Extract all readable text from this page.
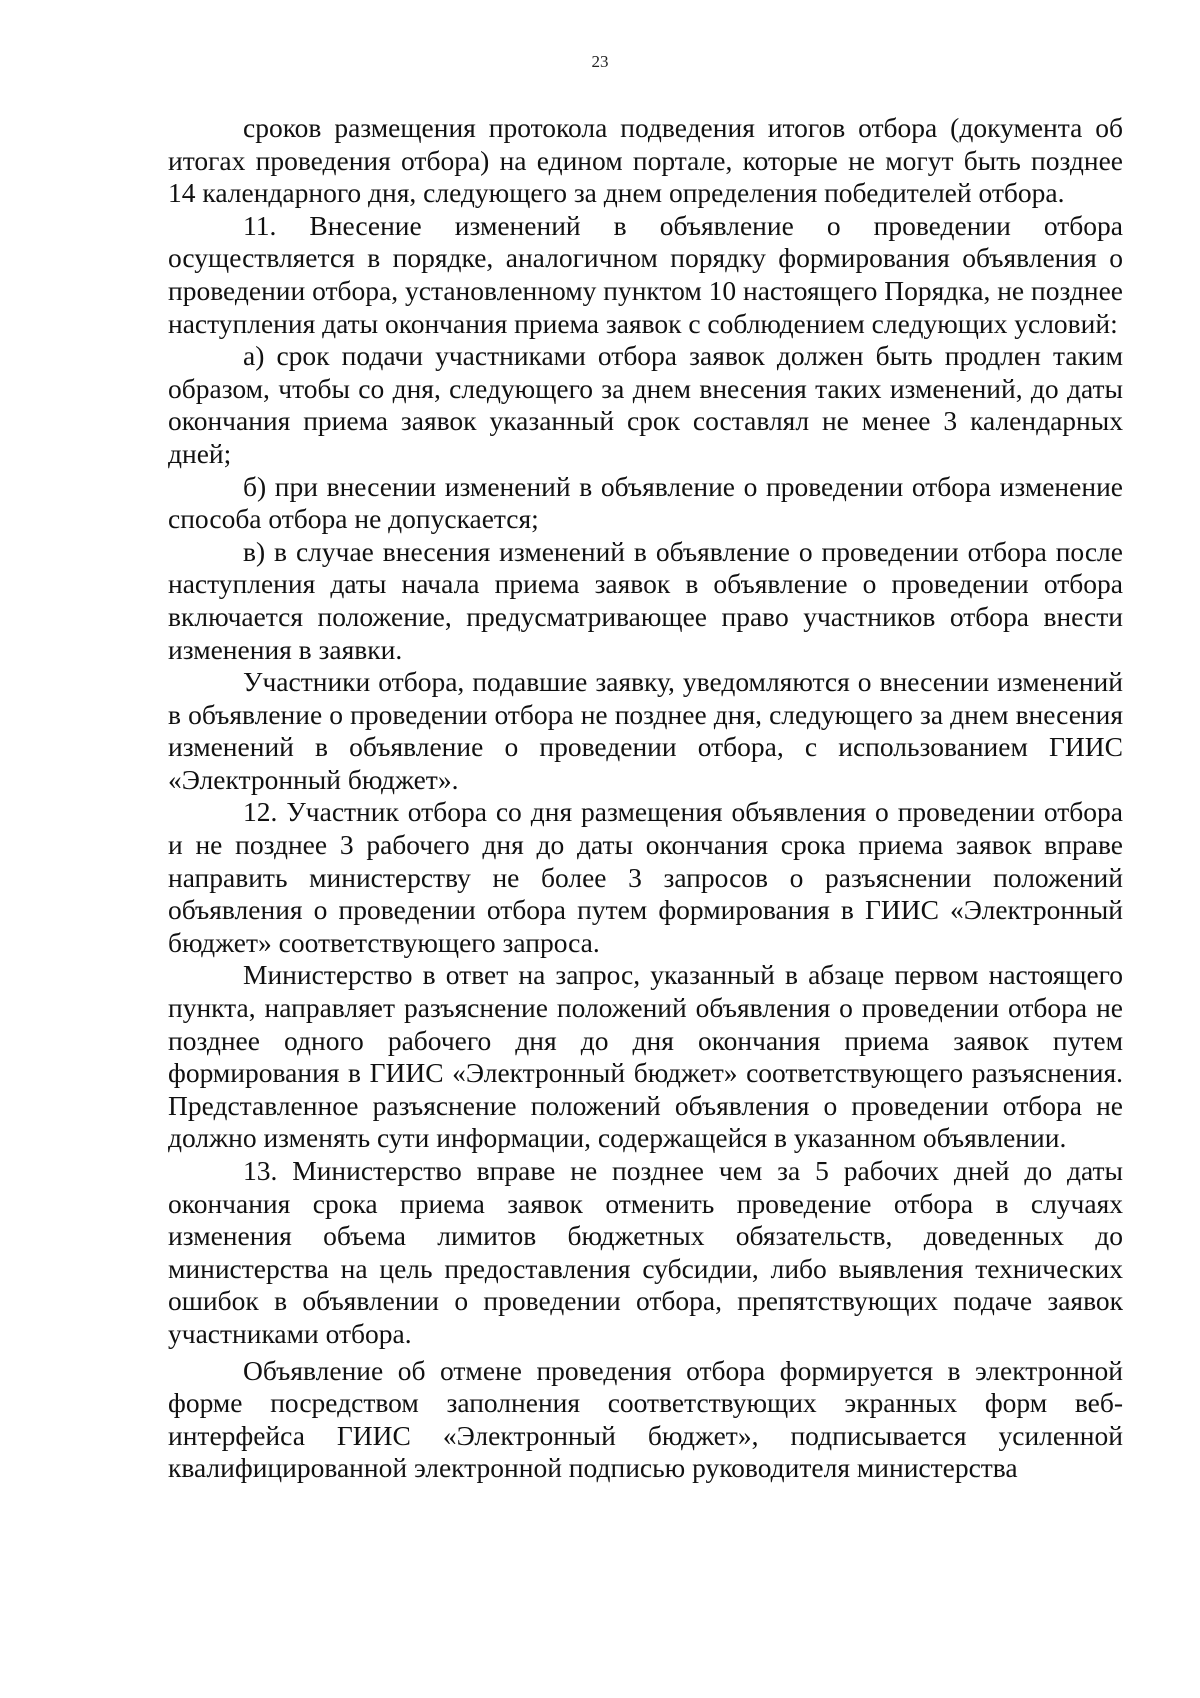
23

сроков размещения протокола подведения итогов отбора (документа об итогах проведения отбора) на едином портале, которые не могут быть позднее 14 календарного дня, следующего за днем определения победителей отбора.

11. Внесение изменений в объявление о проведении отбора осуществляется в порядке, аналогичном порядку формирования объявления о проведении отбора, установленному пунктом 10 настоящего Порядка, не позднее наступления даты окончания приема заявок с соблюдением следующих условий:

а) срок подачи участниками отбора заявок должен быть продлен таким образом, чтобы со дня, следующего за днем внесения таких изменений, до даты окончания приема заявок указанный срок составлял не менее 3 календарных дней;

б) при внесении изменений в объявление о проведении отбора изменение способа отбора не допускается;

в) в случае внесения изменений в объявление о проведении отбора после наступления даты начала приема заявок в объявление о проведении отбора включается положение, предусматривающее право участников отбора внести изменения в заявки.

Участники отбора, подавшие заявку, уведомляются о внесении изменений в объявление о проведении отбора не позднее дня, следующего за днем внесения изменений в объявление о проведении отбора, с использованием ГИИС «Электронный бюджет».

12. Участник отбора со дня размещения объявления о проведении отбора и не позднее 3 рабочего дня до даты окончания срока приема заявок вправе направить министерству не более 3 запросов о разъяснении положений объявления о проведении отбора путем формирования в ГИИС «Электронный бюджет» соответствующего запроса.

Министерство в ответ на запрос, указанный в абзаце первом настоящего пункта, направляет разъяснение положений объявления о проведении отбора не позднее одного рабочего дня до дня окончания приема заявок путем формирования в ГИИС «Электронный бюджет» соответствующего разъяснения. Представленное разъяснение положений объявления о проведении отбора не должно изменять сути информации, содержащейся в указанном объявлении.

13. Министерство вправе не позднее чем за 5 рабочих дней до даты окончания срока приема заявок отменить проведение отбора в случаях изменения объема лимитов бюджетных обязательств, доведенных до министерства на цель предоставления субсидии, либо выявления технических ошибок в объявлении о проведении отбора, препятствующих подаче заявок участниками отбора.

Объявление об отмене проведения отбора формируется в электронной форме посредством заполнения соответствующих экранных форм веб-интерфейса ГИИС «Электронный бюджет», подписывается усиленной квалифицированной электронной подписью руководителя министерства
